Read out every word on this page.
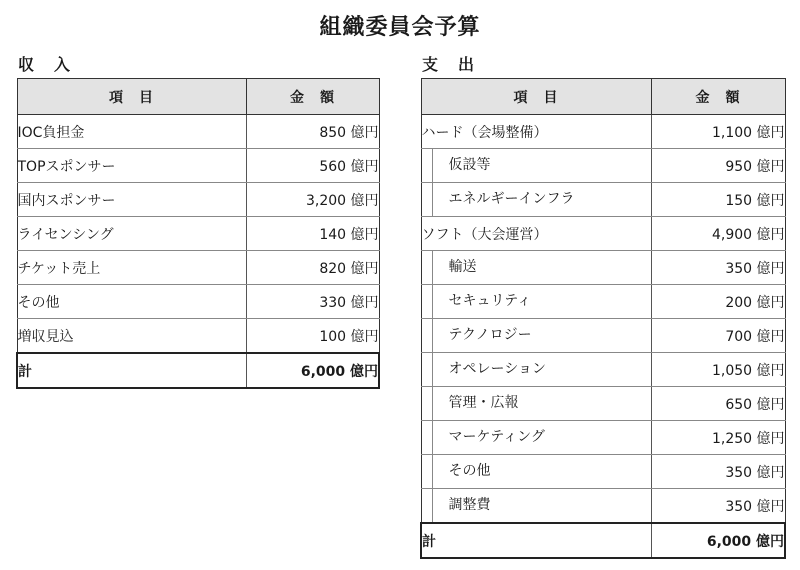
組織委員会予算
収　入	支　出
項　目	金　額
IOC負担金	850 億円
TOPスポンサー	560 億円
国内スポンサー	3,200 億円
ライセンシング	140 億円
チケット売上	820 億円
その他	330 億円
増収見込	100 億円
計	6,000 億円
項　目	金　額
ハード（会場整備）	1,100 億円

仮設等	950 億円

エネルギーインフラ	150 億円
ソフト（大会運営）	4,900 億円

輸送	350 億円

セキュリティ	200 億円

テクノロジー	700 億円

オペレーション	1,050 億円

管理・広報	650 億円

マーケティング	1,250 億円

その他	350 億円

調整費	350 億円
計	6,000 億円
